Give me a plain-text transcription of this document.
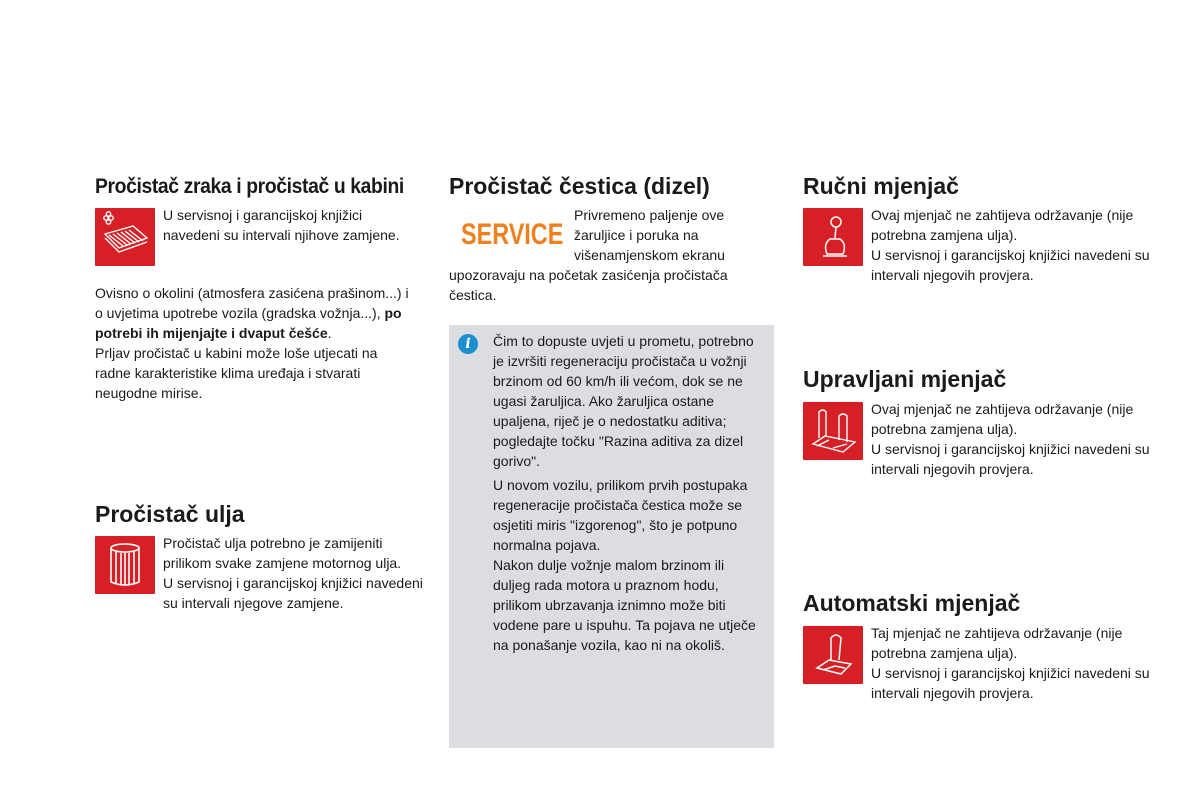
Pročistač zraka i pročistač u kabini
U servisnoj i garancijskoj knjižici navedeni su intervali njihove zamjene.

Ovisno o okolini (atmosfera zasićena prašinom...) i o uvjetima upotrebe vozila (gradska vožnja...), po potrebi ih mijenjajte i dvaput češće.

Prljav pročistač u kabini može loše utjecati na radne karakteristike klima uređaja i stvarati neugodne mirise.

Pročistač ulja

Pročistač ulja potrebno je zamijeniti prilikom svake zamjene motornog ulja.

U servisnoj i garancijskoj knjižici navedeni su intervali njegove zamjene.

Pročistač čestica (dizel)
SERVICE
Privremeno paljenje ove žaruljice i poruka na višenamjenskom ekranu
upozoravaju na početak zasićenja pročistača čestica.
i	Čim to dopuste uvjeti u prometu, potrebno je izvršiti regeneraciju pročistača u vožnji brzinom od 60 km/h ili većom, dok se ne ugasi žaruljica. Ako žaruljica ostane upaljena, riječ je o nedostatku aditiva; pogledajte točku "Razina aditiva za dizel gorivo".

U novom vozilu, prilikom prvih postupaka regeneracije pročistača čestica može se osjetiti miris "izgorenog", što je potpuno normalna pojava.

Nakon dulje vožnje malom brzinom ili duljeg rada motora u praznom hodu, prilikom ubrzavanja iznimno može biti vodene pare u ispuhu. Ta pojava ne utječe na ponašanje vozila, kao ni na okoliš.

Ručni mjenjač

Ovaj mjenjač ne zahtijeva održavanje (nije potrebna zamjena ulja).

U servisnoj i garancijskoj knjižici navedeni su intervali njegovih provjera.

Upravljani mjenjač

Ovaj mjenjač ne zahtijeva održavanje (nije potrebna zamjena ulja).

U servisnoj i garancijskoj knjižici navedeni su intervali njegovih provjera.

Automatski mjenjač

Taj mjenjač ne zahtijeva održavanje (nije potrebna zamjena ulja).

U servisnoj i garancijskoj knjižici navedeni su intervali njegovih provjera.
